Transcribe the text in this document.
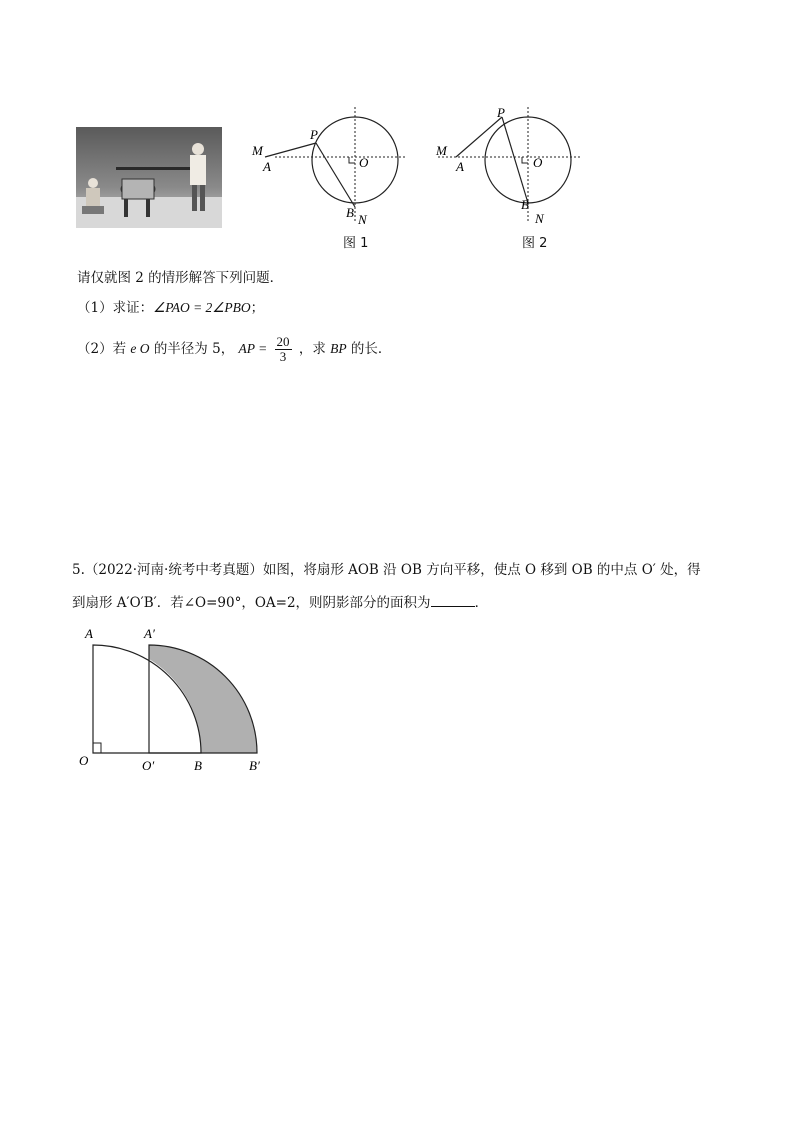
M
A
P
O
B N
图 1
M
A
P
O
B
N
图 2
请仅就图 2 的情形解答下列问题．
（1）求证：∠PAO = 2∠PBO；
（2）若 e O 的半径为 5， AP = $\frac{20}{3}$ ，求 BP 的长．
5.（2022·河南·统考中考真题）如图，将扇形 AOB 沿 OB 方向平移，使点 O 移到 OB 的中点 O′ 处，得
到扇形 A′O′B′．若∠O=90°，OA=2，则阴影部分的面积为	．
A	A′
O	O′	B	B′
